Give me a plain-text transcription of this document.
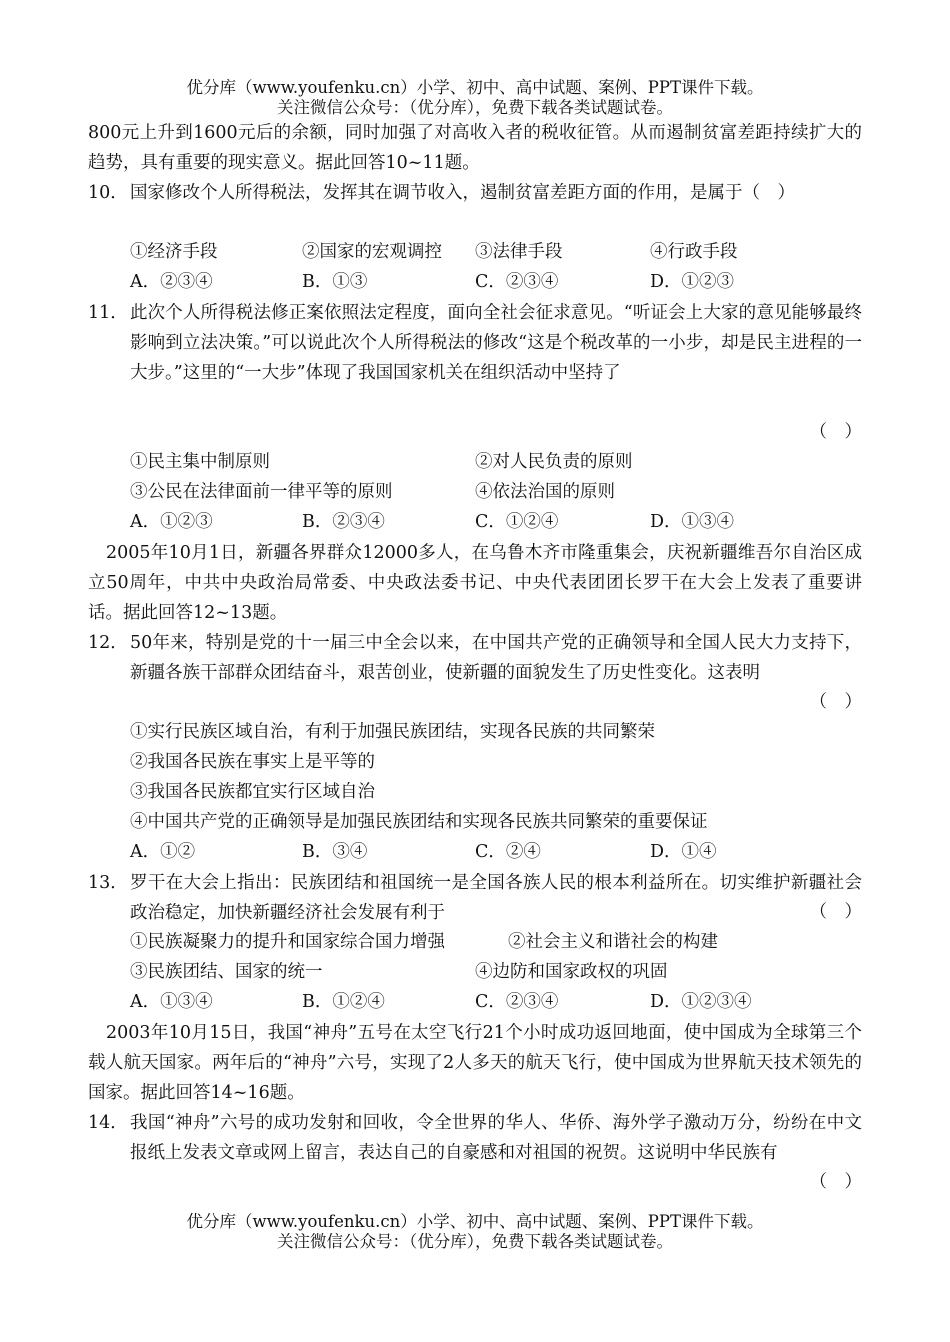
优分库（www.youfenku.cn）小学、初中、高中试题、案例、PPT课件下载。
关注微信公众号：（优分库），免费下载各类试题试卷。
800元上升到1600元后的余额，同时加强了对高收入者的税收征管。从而遏制贫富差距持续扩大的趋势，具有重要的现实意义。据此回答10~11题。
10． 国家修改个人所得税法，发挥其在调节收入，遏制贫富差距方面的作用，是属于（　）
①经济手段	②国家的宏观调控 ③法律手段	④行政手段
A．②③④	B．①③	C．②③④	D．①②③
11． 此次个人所得税法修正案依照法定程度，面向全社会征求意见。“听证会上大家的意见能够最终影响到立法决策。”可以说此次个人所得税法的修改“这是个税改革的一小步，却是民主进程的一大步。”这里的“一大步”体现了我国国家机关在组织活动中坚持了
（　）
①民主集中制原则	②对人民负责的原则
③公民在法律面前一律平等的原则	④依法治国的原则
A．①②③	B．②③④	C．①②④	D．①③④
2005年10月1日，新疆各界群众12000多人，在乌鲁木齐市隆重集会，庆祝新疆维吾尔自治区成立50周年，中共中央政治局常委、中央政法委书记、中央代表团团长罗干在大会上发表了重要讲话。据此回答12~13题。
12． 50年来，特别是党的十一届三中全会以来，在中国共产党的正确领导和全国人民大力支持下，新疆各族干部群众团结奋斗，艰苦创业，使新疆的面貌发生了历史性变化。这表明
（　）
①实行民族区域自治，有利于加强民族团结，实现各民族的共同繁荣
②我国各民族在事实上是平等的
③我国各民族都宜实行区域自治
④中国共产党的正确领导是加强民族团结和实现各民族共同繁荣的重要保证
A．①②	B．③④	C．②④	D．①④
13． 罗干在大会上指出：民族团结和祖国统一是全国各族人民的根本利益所在。切实维护新疆社会政治稳定，加快新疆经济社会发展有利于	（　）
①民族凝聚力的提升和国家综合国力增强	②社会主义和谐社会的构建
③民族团结、国家的统一	④边防和国家政权的巩固
A．①③④	B．①②④	C．②③④	D．①②③④
2003年10月15日，我国“神舟”五号在太空飞行21个小时成功返回地面，使中国成为全球第三个载人航天国家。两年后的“神舟”六号，实现了2人多天的航天飞行，使中国成为世界航天技术领先的国家。据此回答14~16题。
14． 我国“神舟”六号的成功发射和回收，令全世界的华人、华侨、海外学子激动万分，纷纷在中文报纸上发表文章或网上留言，表达自己的自豪感和对祖国的祝贺。这说明中华民族有
（　）
优分库（www.youfenku.cn）小学、初中、高中试题、案例、PPT课件下载。
关注微信公众号：（优分库），免费下载各类试题试卷。
